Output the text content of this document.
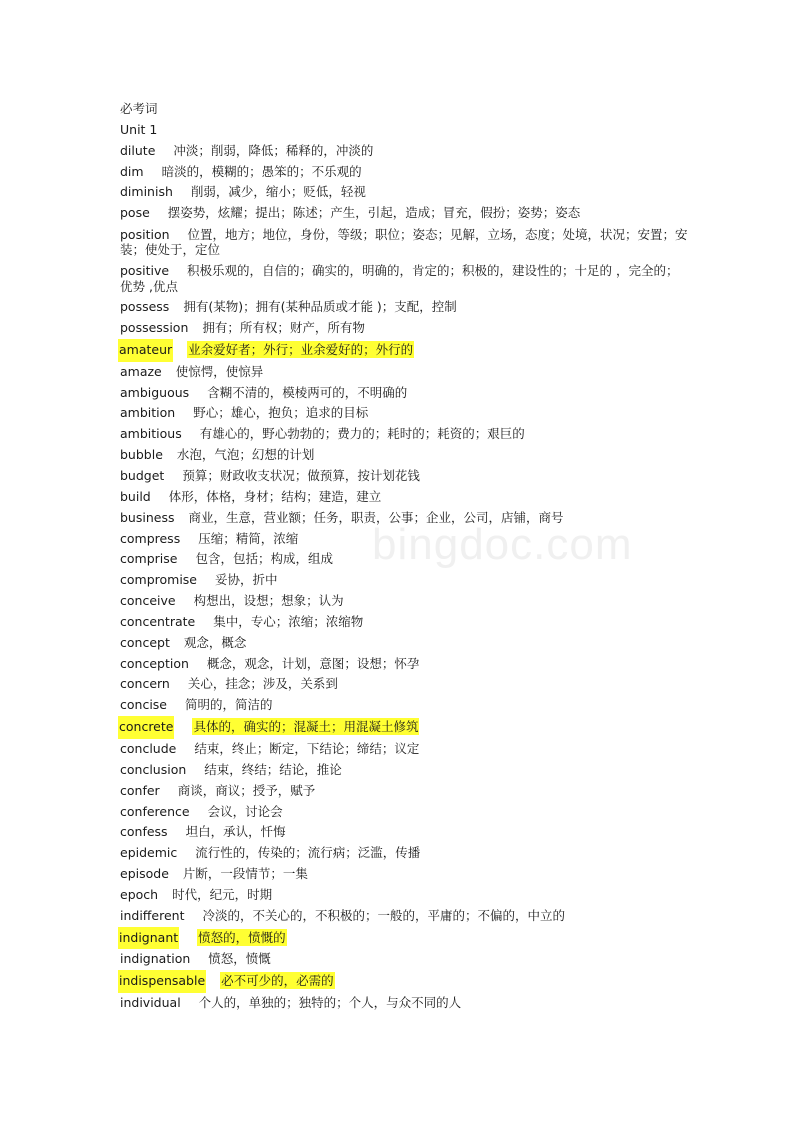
bingdoc.com
必考词
Unit 1
dilute 冲淡；削弱，降低；稀释的，冲淡的
dim 暗淡的，模糊的；愚笨的；不乐观的
diminish 削弱，减少，缩小；贬低，轻视
pose 摆姿势，炫耀；提出；陈述；产生，引起，造成；冒充，假扮；姿势；姿态
position 位置，地方；地位，身份，等级；职位；姿态；见解，立场，态度；处境，状况；安置；安装；使处于，定位
positive 积极乐观的，自信的；确实的，明确的，肯定的；积极的，建设性的；十足的 ，完全的；优势 ,优点
possess 拥有(某物)；拥有(某种品质或才能 )；支配，控制
possession 拥有；所有权；财产，所有物
amateur 业余爱好者；外行；业余爱好的；外行的
amaze 使惊愕，使惊异
ambiguous 含糊不清的，模棱两可的，不明确的
ambition 野心；雄心，抱负；追求的目标
ambitious 有雄心的，野心勃勃的；费力的；耗时的；耗资的；艰巨的
bubble 水泡，气泡；幻想的计划
budget 预算；财政收支状况；做预算，按计划花钱
build 体形，体格，身材；结构；建造，建立
business 商业，生意，营业额；任务，职责，公事；企业，公司，店铺，商号
compress 压缩；精简，浓缩
comprise 包含，包括；构成，组成
compromise 妥协，折中
conceive 构想出，设想；想象；认为
concentrate 集中，专心；浓缩；浓缩物
concept 观念，概念
conception 概念，观念，计划，意图；设想；怀孕
concern 关心，挂念；涉及，关系到
concise 简明的，简洁的
concrete 具体的，确实的；混凝土；用混凝土修筑
conclude 结束，终止；断定，下结论；缔结；议定
conclusion 结束，终结；结论，推论
confer 商谈，商议；授予，赋予
conference 会议，讨论会
confess 坦白，承认，忏悔
epidemic 流行性的，传染的；流行病；泛滥，传播
episode 片断，一段情节；一集
epoch 时代，纪元，时期
indifferent 冷淡的，不关心的，不积极的；一般的，平庸的；不偏的，中立的
indignant 愤怒的，愤慨的
indignation 愤怒，愤慨
indispensable 必不可少的，必需的
individual 个人的，单独的；独特的；个人，与众不同的人
